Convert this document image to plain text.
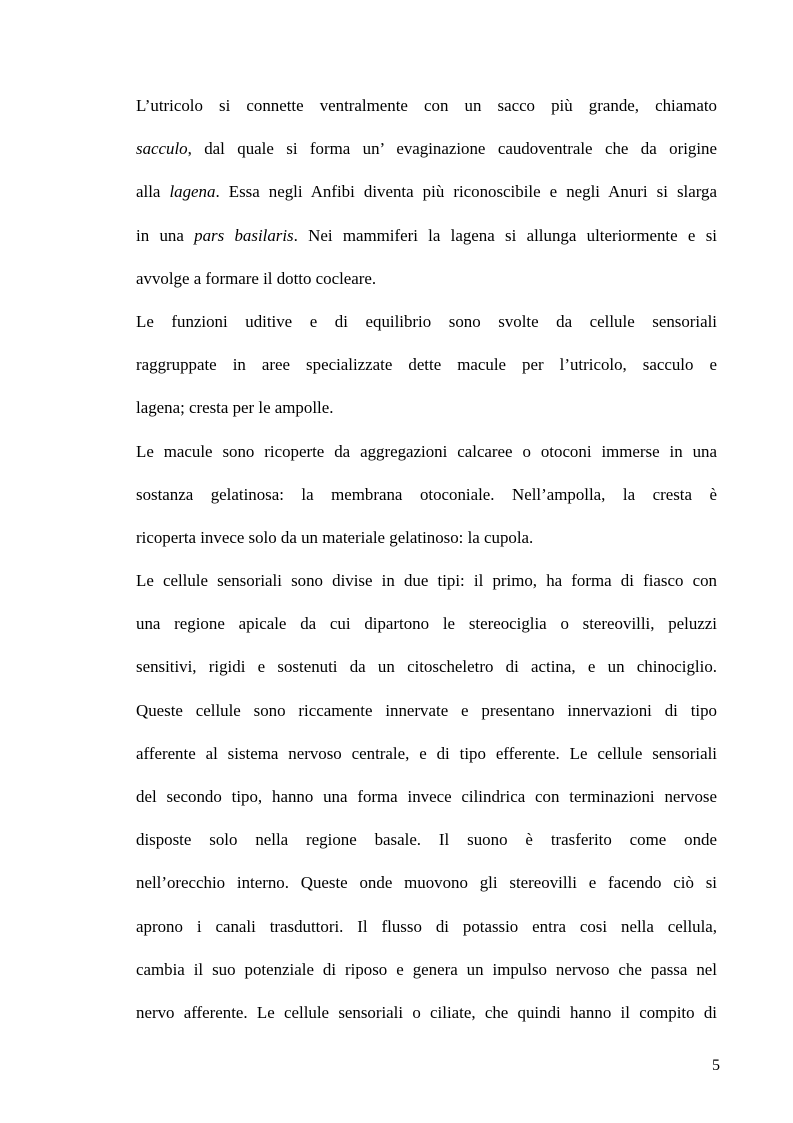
L’utricolo si connette ventralmente con un sacco più grande, chiamato
sacculo, dal quale si forma un’ evaginazione caudoventrale che da origine
alla lagena. Essa negli Anfibi diventa più riconoscibile e negli Anuri si slarga
in una pars basilaris. Nei mammiferi la lagena si allunga ulteriormente e si
avvolge a formare il dotto cocleare.
Le funzioni uditive e di equilibrio sono svolte da cellule sensoriali
raggruppate in aree specializzate dette macule per l’utricolo, sacculo e
lagena; cresta per le ampolle.
Le macule sono ricoperte da aggregazioni calcaree o otoconi immerse in una
sostanza gelatinosa: la membrana otoconiale. Nell’ampolla, la cresta è
ricoperta invece solo da un materiale gelatinoso: la cupola.
Le cellule sensoriali sono divise in due tipi: il primo, ha forma di fiasco con
una regione apicale da cui dipartono le stereociglia o stereovilli, peluzzi
sensitivi, rigidi e sostenuti da un citoscheletro di actina, e un chinociglio.
Queste cellule sono riccamente innervate e presentano innervazioni di tipo
afferente al sistema nervoso centrale, e di tipo efferente. Le cellule sensoriali
del secondo tipo, hanno una forma invece cilindrica con terminazioni nervose
disposte solo nella regione basale. Il suono è trasferito come onde
nell’orecchio interno. Queste onde muovono gli stereovilli e facendo ciò si
aprono i canali trasduttori. Il flusso di potassio entra cosi nella cellula,
cambia il suo potenziale di riposo e genera un impulso nervoso che passa nel
nervo afferente. Le cellule sensoriali o ciliate, che quindi hanno il compito di
5
